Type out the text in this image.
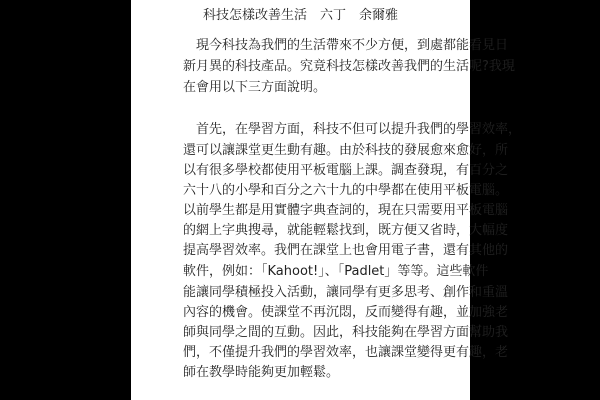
科技怎樣改善生活　六丁　余爾雅
　現今科技為我們的生活帶來不少方便，到處都能看見日
新月異的科技產品。究竟科技怎樣改善我們的生活呢?我現
在會用以下三方面說明。
　首先，在學習方面，科技不但可以提升我們的學習效率，
還可以讓課堂更生動有趣。由於科技的發展愈來愈好，所
以有很多學校都使用平板電腦上課。調查發現，有百分之
六十八的小學和百分之六十九的中學都在使用平板電腦。
以前學生都是用實體字典查詞的，現在只需要用平板電腦
的網上字典搜尋，就能輕鬆找到，既方便又省時，大幅度
提高學習效率。我們在課堂上也會用電子書，還有其他的
軟件，例如：「Kahoot!」、「Padlet」等等。這些軟件
能讓同學積極投入活動，讓同學有更多思考、創作和重溫
內容的機會。使課堂不再沉悶，反而變得有趣，並加強老
師與同學之間的互動。因此，科技能夠在學習方面幫助我
們，不僅提升我們的學習效率，也讓課堂變得更有趣，老
師在教學時能夠更加輕鬆。
